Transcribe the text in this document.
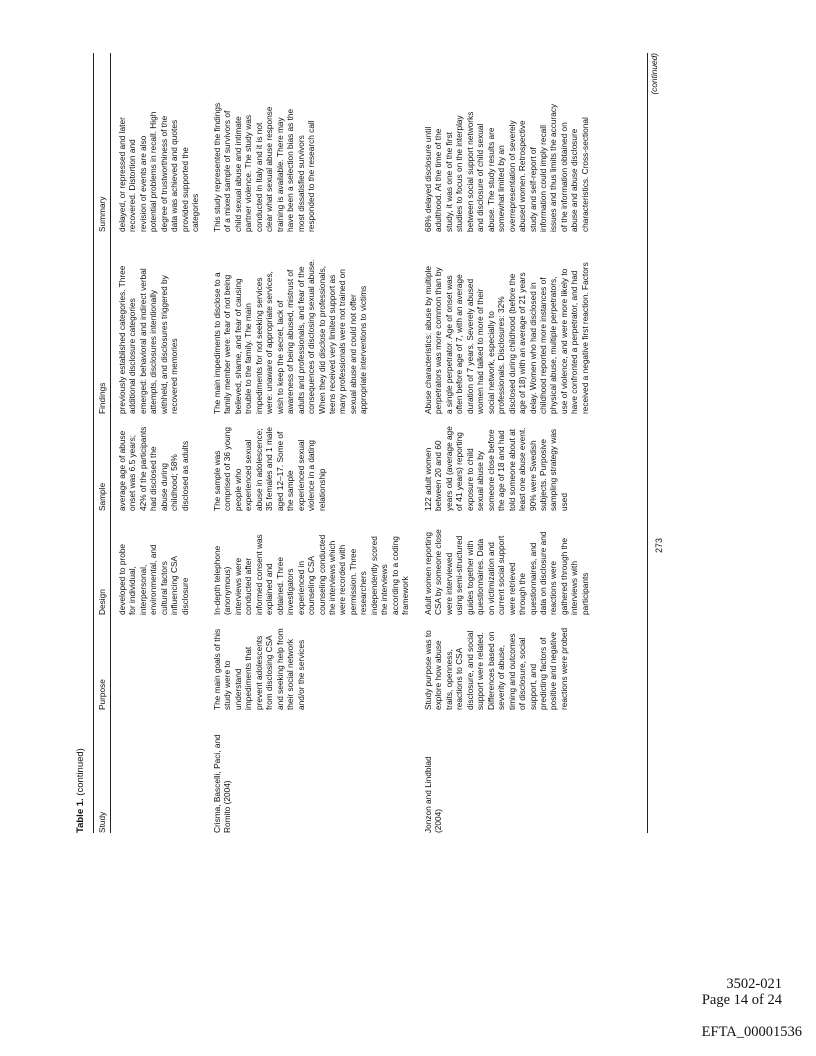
Table 1. (continued)
Study
Purpose
Design
Sample
Findings
Summary
developed to probe
for individual,
interpersonal,
environmental, and
cultural factors
influencing CSA
disclosure
average age of abuse
onset was 6.5 years;
42% of the participants
had disclosed the
abuse during
childhood; 58%
disclosed as adults
previously established categories. Three
additional disclosure categories
emerged: behavioral and indirect verbal
attempts, disclosures intentionally
withheld, and disclosures triggered by
recovered memories
delayed, or repressed and later
recovered. Distortion and
revision of events are also
potential problems in recall. High
degree of trustworthiness of the
data was achieved and quotes
provided supported the
categories
Crisma, Bascelli, Paci, and
Romito (2004)
The main goals of this
study were to
understand
impediments that
prevent adolescents
from disclosing CSA
and seeking help from
their social network
and/or the services
In-depth telephone
(anonymous)
interviews were
conducted after
informed consent was
explained and
obtained. Three
investigators
experienced in
counseling CSA
counseling conducted
the interviews which
were recorded with
permission. Three
researchers
independently scored
the interviews
according to a coding
framework
The sample was
comprised of 36 young
people who
experienced sexual
abuse in adolescence;
35 females and 1 male
aged 12–17. Some of
the sample
experienced sexual
violence in a dating
relationship
The main impediments to disclose to a
family member were: fear of not being
believed, shame, and fear of causing
trouble to the family. The main
impediments for not seeking services
were: unaware of appropriate services,
wish to keep the secret, lack of
awareness of being abused, mistrust of
adults and professionals, and fear of the
consequences of disclosing sexual abuse.
When they did disclose to professionals,
teens received very limited support as
many professionals were not trained on
sexual abuse and could not offer
appropriate interventions to victims
This study represented the findings
of a mixed sample of survivors of
child sexual abuse and intimate
partner violence. The study was
conducted in Italy and it is not
clear what sexual abuse response
training is available. There may
have been a selection bias as the
most dissatisfied survivors
responded to the research call
Jonzon and Lindblad
(2004)
Study purpose was to
explore how abuse
traits, openness,
reactions to CSA
disclosure, and social
support were related.
Differences based on
severity of abuse,
timing and outcomes
of disclosure, social
support, and
predicting factors of
positive and negative
reactions were probed
Adult women reporting
CSA by someone close
were interviewed
using semi-structured
guides together with
questionnaires. Data
on victimization and
current social support
were retrieved
through the
questionnaires, and
data on disclosure and
reactions were
gathered through the
interviews with
participants
122 adult women
between 20 and 60
years old (average age
of 41 years) reporting
exposure to child
sexual abuse by
someone close before
the age of 18 and had
told someone about at
least one abuse event.
90% were Swedish
subjects. Purposive
sampling strategy was
used
Abuse characteristics: abuse by multiple
perpetrators was more common than by
a single perpetrator. Age of onset was
often before age of 7, with an average
duration of 7 years. Severely abused
women had talked to more of their
social network, especially to
professionals. Disclosures: 32%
disclosed during childhood (before the
age of 18) with an average of 21 years
delay. Women who had disclosed in
childhood reported more instances of
physical abuse, multiple perpetrators,
use of violence, and were more likely to
have confronted a perpetrator, and had
received a negative first reaction. Factors
68% delayed disclosure until
adulthood. At the time of the
study, it was one of the first
studies to focus on the interplay
between social support networks
and disclosure of child sexual
abuse. The study results are
somewhat limited by an
overrepresentation of severely
abused women. Retrospective
study and self-report of
information could imply recall
issues and thus limits the accuracy
of the information obtained on
abuse and abuse disclosure
characteristics. Cross-sectional
(continued)
273
3502-021
Page 14 of 24
EFTA_00001536
